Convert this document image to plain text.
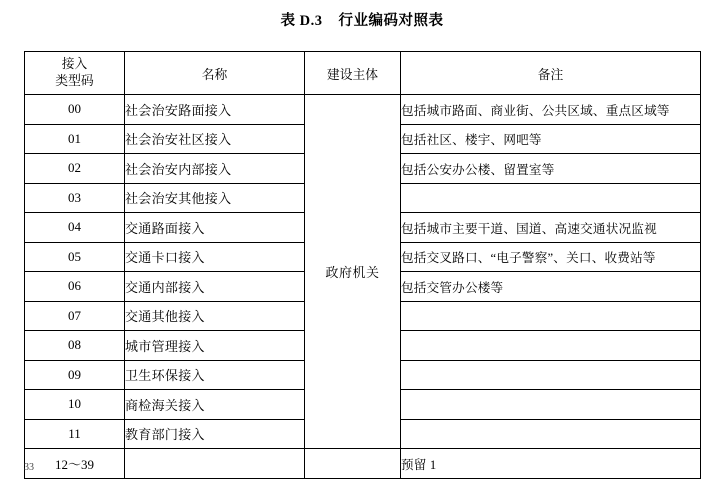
表 D.3 行业编码对照表
接入
类型码	名称	建设主体	备注
00	社会治安路面接入	政府机关	包括城市路面、商业街、公共区域、重点区域等
01	社会治安社区接入		包括社区、楼宇、网吧等
02	社会治安内部接入		包括公安办公楼、留置室等
03	社会治安其他接入		
04	交通路面接入		包括城市主要干道、国道、高速交通状况监视
05	交通卡口接入		包括交叉路口、“电子警察”、关口、收费站等
06	交通内部接入		包括交管办公楼等
07	交通其他接入		
08	城市管理接入		
09	卫生环保接入		
10	商检海关接入		
11	教育部门接入		
12～39			预留 1
33
